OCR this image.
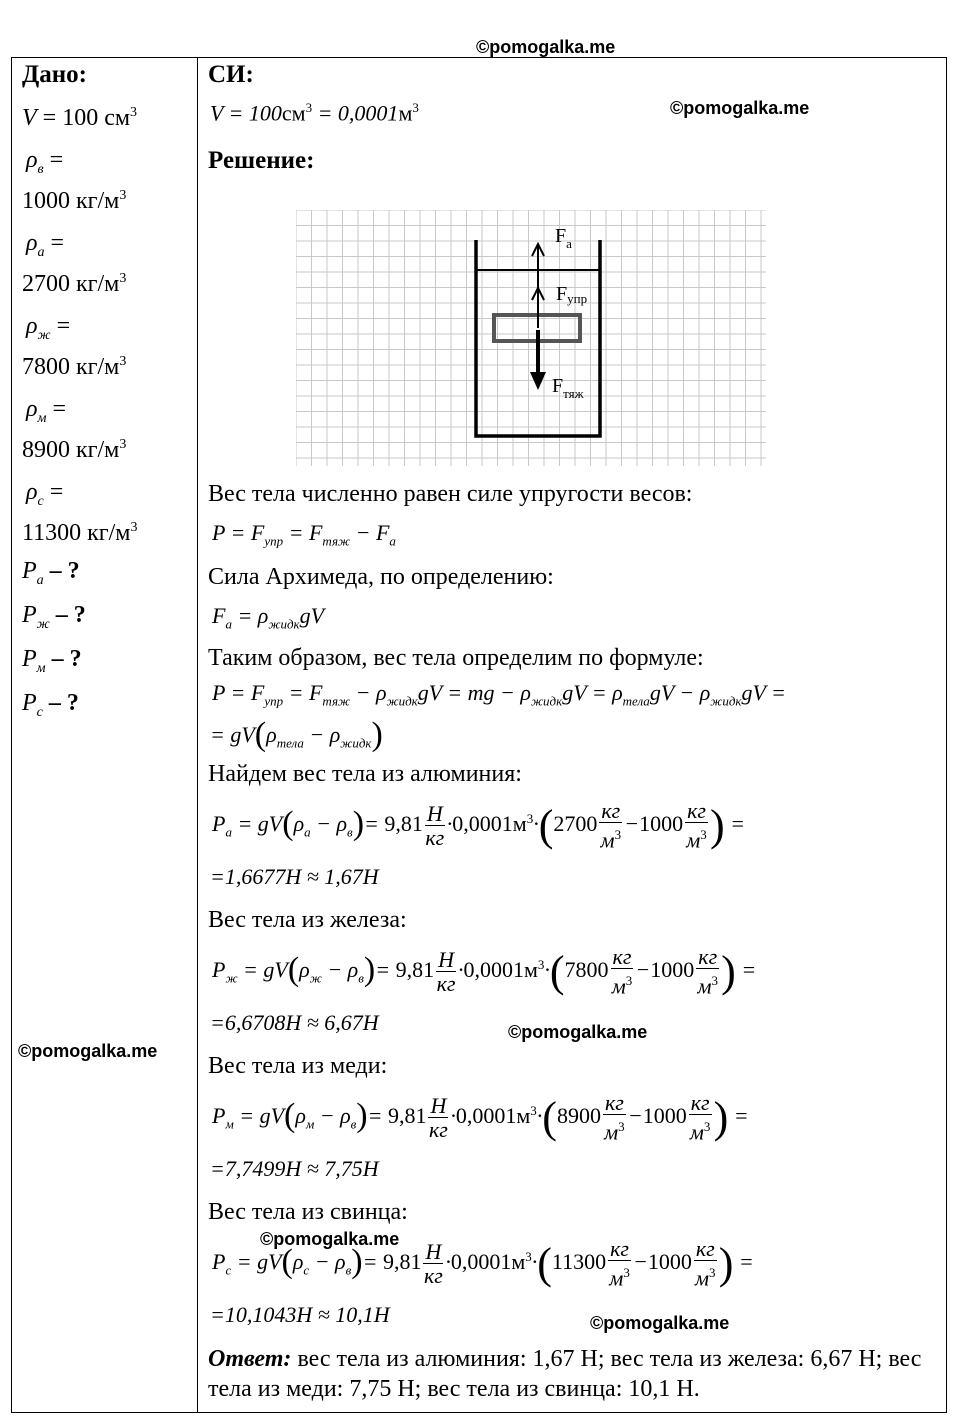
©pomogalka.me
©pomogalka.me
©pomogalka.me
©pomogalka.me
©pomogalka.me
©pomogalka.me
Дано:
V = 100 $см^3$
$\rho_в$ =
1000 $кг/м^3$
$\rho_а$ =
2700 $кг/м^3$
$\rho_ж$ =
7800 $кг/м^3$
$\rho_м$ =
8900 $кг/м^3$
$\rho_с$ =
11300 $кг/м^3$
$P_а$ – ?
$P_ж$ – ?
$P_м$ – ?
$P_с$ – ?
СИ:
$V = 100см^3 = 0,0001м^3$
Решение:
$F_а$
Fупр
$F_{тяж}$
Вес тела численно равен силе упругости весов:
$P = F_{упр} = F_{тяж} - F_а$
Сила Архимеда, по определению:
$F_а = \rho_{жидк}gV$
Таким образом, вес тела определим по формуле:
$P = F_{упр} = F_{тяж} - \rho_{жидк}gV$ = mg − $\rho_{жидк}gV = \rho_{тела}gV - \rho_{жидк}gV$ =
= $gV(\rho_{тела} - \rho_{жидк})$
Найдем вес тела из алюминия:
$P_а = gV(\rho_а - \rho_в)= 9,81 \frac{H}{кг} \cdot 0,0001м^3\cdot(2700 \frac{кг}{м^3} -1000 \frac{кг}{м^3}$ ) =
=1,6677H ≈ 1,67H
Вес тела из железа:
$P_ж = gV(\rho_ж - \rho_в)= 9,81 \frac{H}{кг} \cdot 0,0001м^3\cdot(7800 \frac{кг}{м^3} -1000 \frac{кг}{м^3}$ ) =
=6,6708H ≈ 6,67H
Вес тела из меди:
$P_м = gV(\rho_м - \rho_в)= 9,81 \frac{H}{кг} \cdot 0,0001м^3\cdot(8900 \frac{кг}{м^3} -1000 \frac{кг}{м^3}$ ) =
=7,7499H ≈ 7,75H
Вес тела из свинца:
$P_с = gV(\rho_с - \rho_в)= 9,81 \frac{H}{кг} \cdot 0,0001м^3\cdot(11300 \frac{кг}{м^3} -1000 \frac{кг}{м^3}$ ) =
=10,1043H ≈ 10,1H
Ответ: вес тела из алюминия: 1,67 Н; вес тела из железа: 6,67 Н; вес тела из меди: 7,75 Н; вес тела из свинца: 10,1 Н.
